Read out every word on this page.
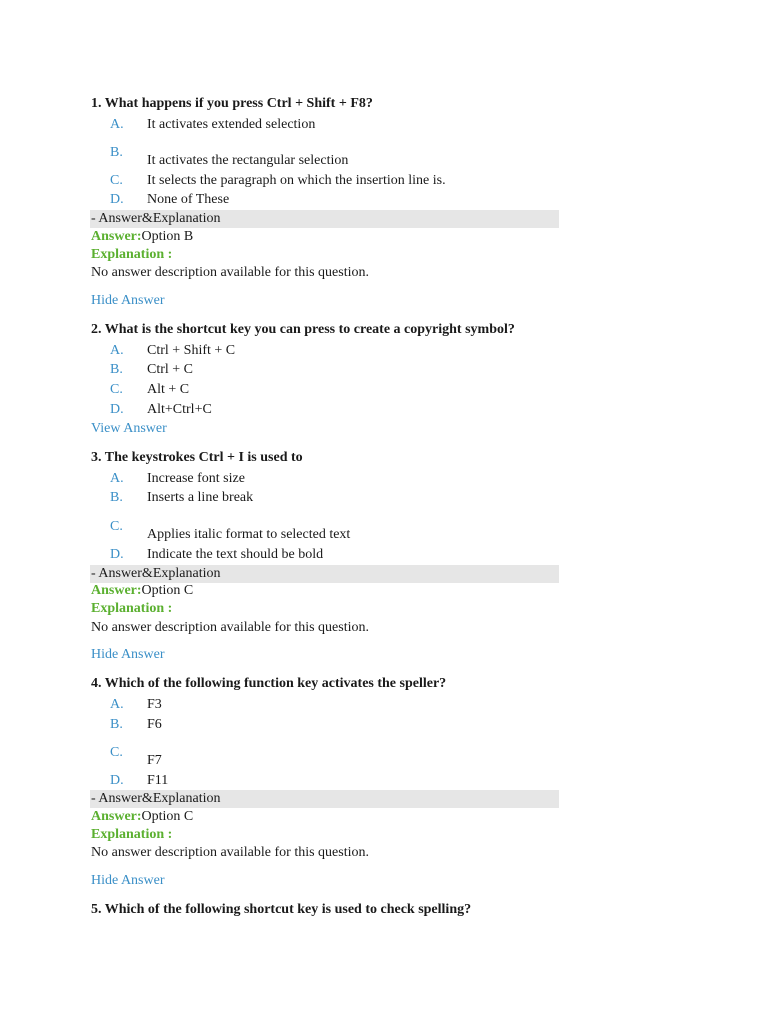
1. What happens if you press Ctrl + Shift + F8?
A. It activates extended selection
B.
It activates the rectangular selection
C. It selects the paragraph on which the insertion line is.
D. None of These
- Answer&Explanation
Answer:Option B
Explanation :
No answer description available for this question.
Hide Answer
2. What is the shortcut key you can press to create a copyright symbol?
A. Ctrl + Shift + C
B. Ctrl + C
C. Alt + C
D. Alt+Ctrl+C
View Answer
3. The keystrokes Ctrl + I is used to
A. Increase font size
B. Inserts a line break
C.
Applies italic format to selected text
D. Indicate the text should be bold
- Answer&Explanation
Answer:Option C
Explanation :
No answer description available for this question.
Hide Answer
4. Which of the following function key activates the speller?
A. F3
B. F6
C.
F7
D. F11
- Answer&Explanation
Answer:Option C
Explanation :
No answer description available for this question.
Hide Answer
5. Which of the following shortcut key is used to check spelling?
